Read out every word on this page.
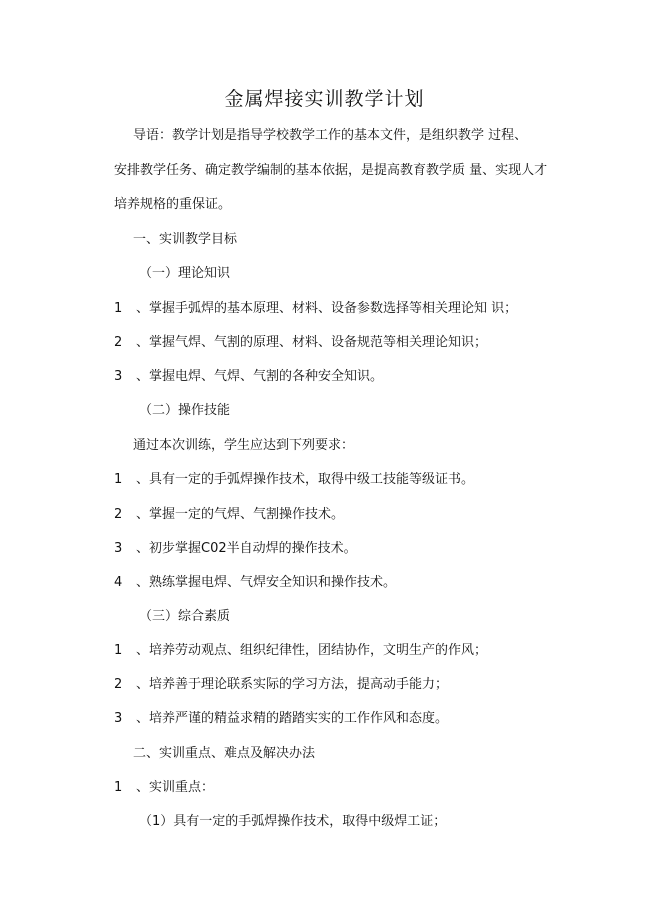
金属焊接实训教学计划
导语：教学计划是指导学校教学工作的基本文件，是组织教学 过程、
安排教学任务、确定教学编制的基本依据，是提高教育教学质 量、实现人才
培养规格的重保证。
一、实训教学目标
（一）理论知识
1 、掌握手弧焊的基本原理、材料、设备参数选择等相关理论知 识；
2 、掌握气焊、气割的原理、材料、设备规范等相关理论知识；
3 、掌握电焊、气焊、气割的各种安全知识。
（二）操作技能
通过本次训练，学生应达到下列要求：
1 、具有一定的手弧焊操作技术，取得中级工技能等级证书。
2 、掌握一定的气焊、气割操作技术。
3 、初步掌握C02半自动焊的操作技术。
4 、熟练掌握电焊、气焊安全知识和操作技术。
（三）综合素质
1 、培养劳动观点、组织纪律性，团结协作，文明生产的作风；
2 、培养善于理论联系实际的学习方法，提高动手能力；
3 、培养严谨的精益求精的踏踏实实的工作作风和态度。
二、实训重点、难点及解决办法
1 、实训重点：
（1）具有一定的手弧焊操作技术，取得中级焊工证；
